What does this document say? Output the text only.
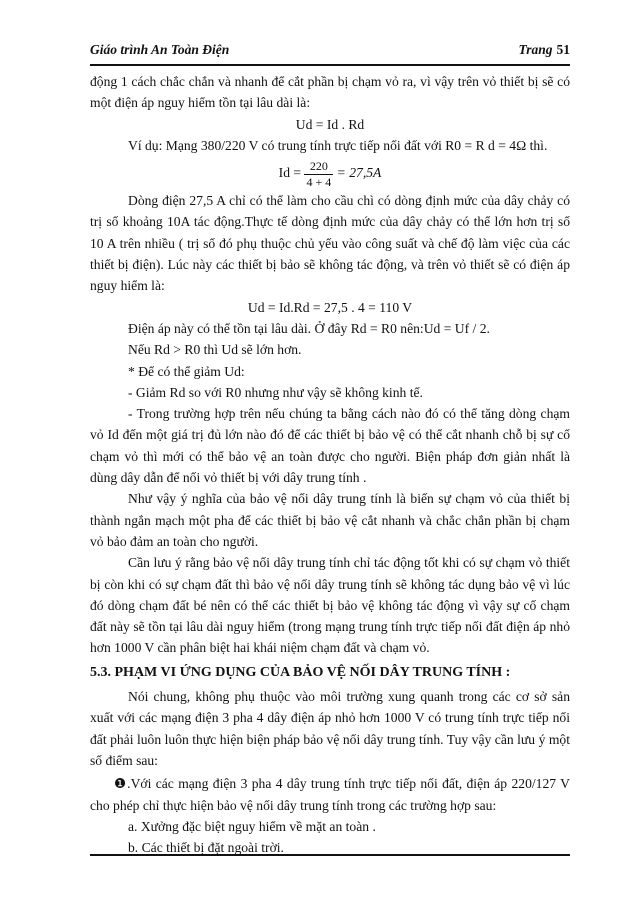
Giáo trình An Toàn Điện	Trang 51

động 1 cách chắc chắn và nhanh để cắt phần bị chạm vỏ ra, vì vậy trên vỏ thiết bị sẽ có một điện áp nguy hiểm tồn tại lâu dài là:

Ud = Id . Rd

Ví dụ: Mạng 380/220 V có trung tính trực tiếp nối đất với R0 = R d = 4Ω thì.

$Id = \frac{220}{4 + 4} = 27,5A$

Dòng điện 27,5 A chỉ có thể làm cho cầu chì có dòng định mức của dây chảy có trị số khoảng 10A tác động.Thực tế dòng định mức của dây chảy có thể lớn hơn trị số 10 A trên nhiều ( trị số đó phụ thuộc chủ yếu vào công suất và chế độ làm việc của các thiết bị điện). Lúc này các thiết bị bảo sẽ không tác động, và trên vỏ thiết sẽ có điện áp nguy hiểm là:

Ud = Id.Rd = 27,5 . 4 = 110 V

Điện áp này có thể tồn tại lâu dài. Ở đây Rd = R0 nên:Ud = Uf / 2.

Nếu Rd > R0 thì Ud sẽ lớn hơn.

* Để có thể giảm Ud:

- Giảm Rd so với R0 nhưng như vậy sẽ không kinh tế.

- Trong trường hợp trên nếu chúng ta bằng cách nào đó có thể tăng dòng chạm vỏ Id đến một giá trị đủ lớn nào đó để các thiết bị bảo vệ có thể cắt nhanh chỗ bị sự cố chạm vỏ thì mới có thể bảo vệ an toàn được cho người. Biện pháp đơn giản nhất là dùng dây dẫn để nối vỏ thiết bị với dây trung tính .

Như vậy ý nghĩa của bảo vệ nối dây trung tính là biến sự chạm vỏ của thiết bị thành ngắn mạch một pha để các thiết bị bảo vệ cắt nhanh và chắc chắn phần bị chạm vỏ bảo đảm an toàn cho người.

Cần lưu ý rằng bảo vệ nối dây trung tính chỉ tác động tốt khi có sự chạm vỏ thiết bị còn khi có sự chạm đất thì bảo vệ nối dây trung tính sẽ không tác dụng bảo vệ vì lúc đó dòng chạm đất bé nên có thể các thiết bị bảo vệ không tác động vì vậy sự cố chạm đất này sẽ tồn tại lâu dài nguy hiểm (trong mạng trung tính trực tiếp nối đất điện áp nhỏ hơn 1000 V cần phân biệt hai khái niệm chạm đất và chạm vỏ.

5.3. PHẠM VI ỨNG DỤNG CỦA BẢO VỆ NỐI DÂY TRUNG TÍNH :

Nói chung, không phụ thuộc vào môi trường xung quanh trong các cơ sở sản xuất với các mạng điện 3 pha 4 dây điện áp nhỏ hơn 1000 V có trung tính trực tiếp nối đất phải luôn luôn thực hiện biện pháp bảo vệ nối dây trung tính. Tuy vậy cần lưu ý một số điểm sau:

❶.Với các mạng điện 3 pha 4 dây trung tính trực tiếp nối đất, điện áp 220/127 V cho phép chỉ thực hiện bảo vệ nối dây trung tính trong các trường hợp sau:

a. Xưởng đặc biệt nguy hiểm về mặt an toàn .

b. Các thiết bị đặt ngoài trời.
